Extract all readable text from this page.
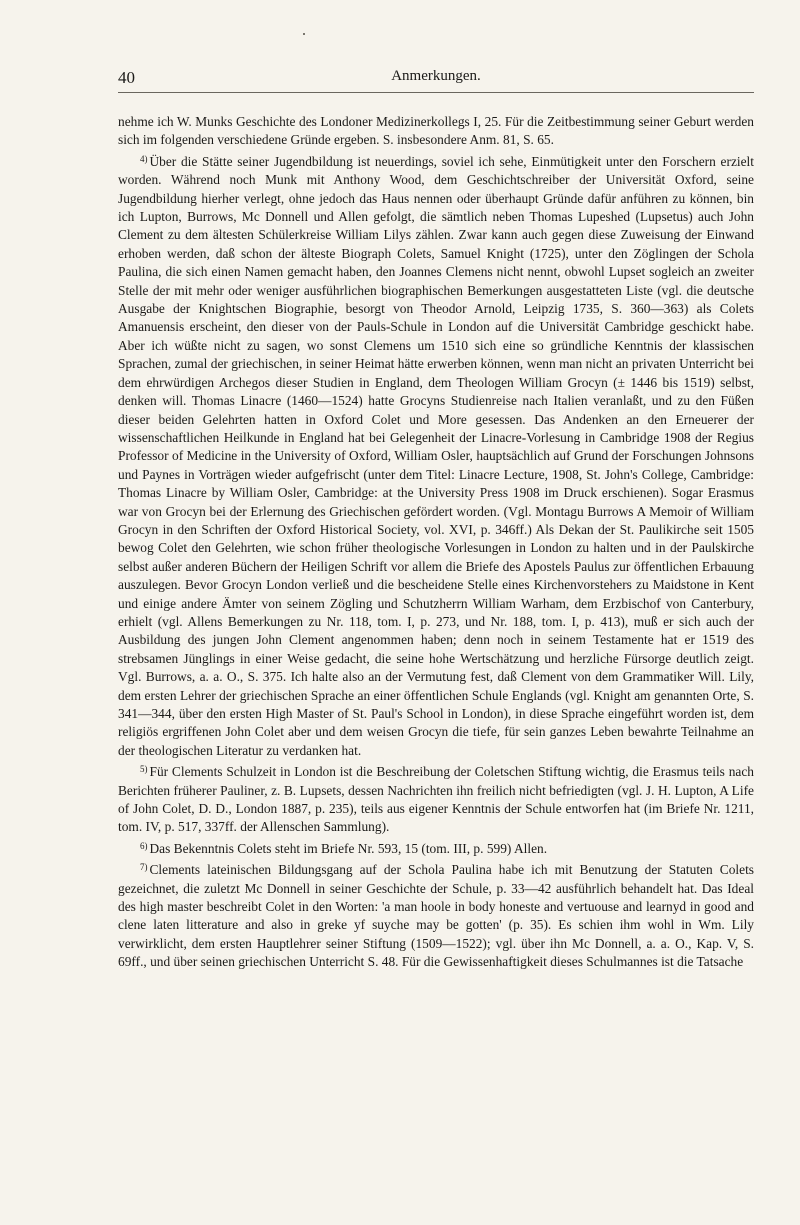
40	Anmerkungen.

nehme ich W. Munks Geschichte des Londoner Medizinerkollegs I, 25. Für die Zeitbestimmung seiner Geburt werden sich im folgenden verschiedene Gründe ergeben. S. insbesondere Anm. 81, S. 65.

$^{4)}$ Über die Stätte seiner Jugendbildung ist neuerdings, soviel ich sehe, Einmütigkeit unter den Forschern erzielt worden. Während noch Munk mit Anthony Wood, dem Geschichtschreiber der Universität Oxford, seine Jugendbildung hierher verlegt, ohne jedoch das Haus nennen oder überhaupt Gründe dafür anführen zu können, bin ich Lupton, Burrows, Mc Donnell und Allen gefolgt, die sämtlich neben Thomas Lupeshed (Lupsetus) auch John Clement zu dem ältesten Schülerkreise William Lilys zählen. Zwar kann auch gegen diese Zuweisung der Einwand erhoben werden, daß schon der älteste Biograph Colets, Samuel Knight (1725), unter den Zöglingen der Schola Paulina, die sich einen Namen gemacht haben, den Joannes Clemens nicht nennt, obwohl Lupset sogleich an zweiter Stelle der mit mehr oder weniger ausführlichen biographischen Bemerkungen ausgestatteten Liste (vgl. die deutsche Ausgabe der Knightschen Biographie, besorgt von Theodor Arnold, Leipzig 1735, S. 360—363) als Colets Amanuensis erscheint, den dieser von der Pauls-Schule in London auf die Universität Cambridge geschickt habe. Aber ich wüßte nicht zu sagen, wo sonst Clemens um 1510 sich eine so gründliche Kenntnis der klassischen Sprachen, zumal der griechischen, in seiner Heimat hätte erwerben können, wenn man nicht an privaten Unterricht bei dem ehrwürdigen Archegos dieser Studien in England, dem Theologen William Grocyn (± 1446 bis 1519) selbst, denken will. Thomas Linacre (1460—1524) hatte Grocyns Studienreise nach Italien veranlaßt, und zu den Füßen dieser beiden Gelehrten hatten in Oxford Colet und More gesessen. Das Andenken an den Erneuerer der wissenschaftlichen Heilkunde in England hat bei Gelegenheit der Linacre-Vorlesung in Cambridge 1908 der Regius Professor of Medicine in the University of Oxford, William Osler, hauptsächlich auf Grund der Forschungen Johnsons und Paynes in Vorträgen wieder aufgefrischt (unter dem Titel: Linacre Lecture, 1908, St. John's College, Cambridge: Thomas Linacre by William Osler, Cambridge: at the University Press 1908 im Druck erschienen). Sogar Erasmus war von Grocyn bei der Erlernung des Griechischen gefördert worden. (Vgl. Montagu Burrows A Memoir of William Grocyn in den Schriften der Oxford Historical Society, vol. XVI, p. 346ff.) Als Dekan der St. Paulikirche seit 1505 bewog Colet den Gelehrten, wie schon früher theologische Vorlesungen in London zu halten und in der Paulskirche selbst außer anderen Büchern der Heiligen Schrift vor allem die Briefe des Apostels Paulus zur öffentlichen Erbauung auszulegen. Bevor Grocyn London verließ und die bescheidene Stelle eines Kirchenvorstehers zu Maidstone in Kent und einige andere Ämter von seinem Zögling und Schutzherrn William Warham, dem Erzbischof von Canterbury, erhielt (vgl. Allens Bemerkungen zu Nr. 118, tom. I, p. 273, und Nr. 188, tom. I, p. 413), muß er sich auch der Ausbildung des jungen John Clement angenommen haben; denn noch in seinem Testamente hat er 1519 des strebsamen Jünglings in einer Weise gedacht, die seine hohe Wertschätzung und herzliche Fürsorge deutlich zeigt. Vgl. Burrows, a. a. O., S. 375. Ich halte also an der Vermutung fest, daß Clement von dem Grammatiker Will. Lily, dem ersten Lehrer der griechischen Sprache an einer öffentlichen Schule Englands (vgl. Knight am genannten Orte, S. 341—344, über den ersten High Master of St. Paul's School in London), in diese Sprache eingeführt worden ist, dem religiös ergriffenen John Colet aber und dem weisen Grocyn die tiefe, für sein ganzes Leben bewahrte Teilnahme an der theologischen Literatur zu verdanken hat.

$^{5)}$ Für Clements Schulzeit in London ist die Beschreibung der Coletschen Stiftung wichtig, die Erasmus teils nach Berichten früherer Pauliner, z. B. Lupsets, dessen Nachrichten ihn freilich nicht befriedigten (vgl. J. H. Lupton, A Life of John Colet, D. D., London 1887, p. 235), teils aus eigener Kenntnis der Schule entworfen hat (im Briefe Nr. 1211, tom. IV, p. 517, 337ff. der Allenschen Sammlung).

$^{6)}$ Das Bekenntnis Colets steht im Briefe Nr. 593, 15 (tom. III, p. 599) Allen.

$^{7)}$ Clements lateinischen Bildungsgang auf der Schola Paulina habe ich mit Benutzung der Statuten Colets gezeichnet, die zuletzt Mc Donnell in seiner Geschichte der Schule, p. 33—42 ausführlich behandelt hat. Das Ideal des high master beschreibt Colet in den Worten: 'a man hoole in body honeste and vertuouse and learnyd in good and clene laten litterature and also in greke yf suyche may be gotten' (p. 35). Es schien ihm wohl in Wm. Lily verwirklicht, dem ersten Hauptlehrer seiner Stiftung (1509—1522); vgl. über ihn Mc Donnell, a. a. O., Kap. V, S. 69ff., und über seinen griechischen Unterricht S. 48. Für die Gewissenhaftigkeit dieses Schulmannes ist die Tatsache
